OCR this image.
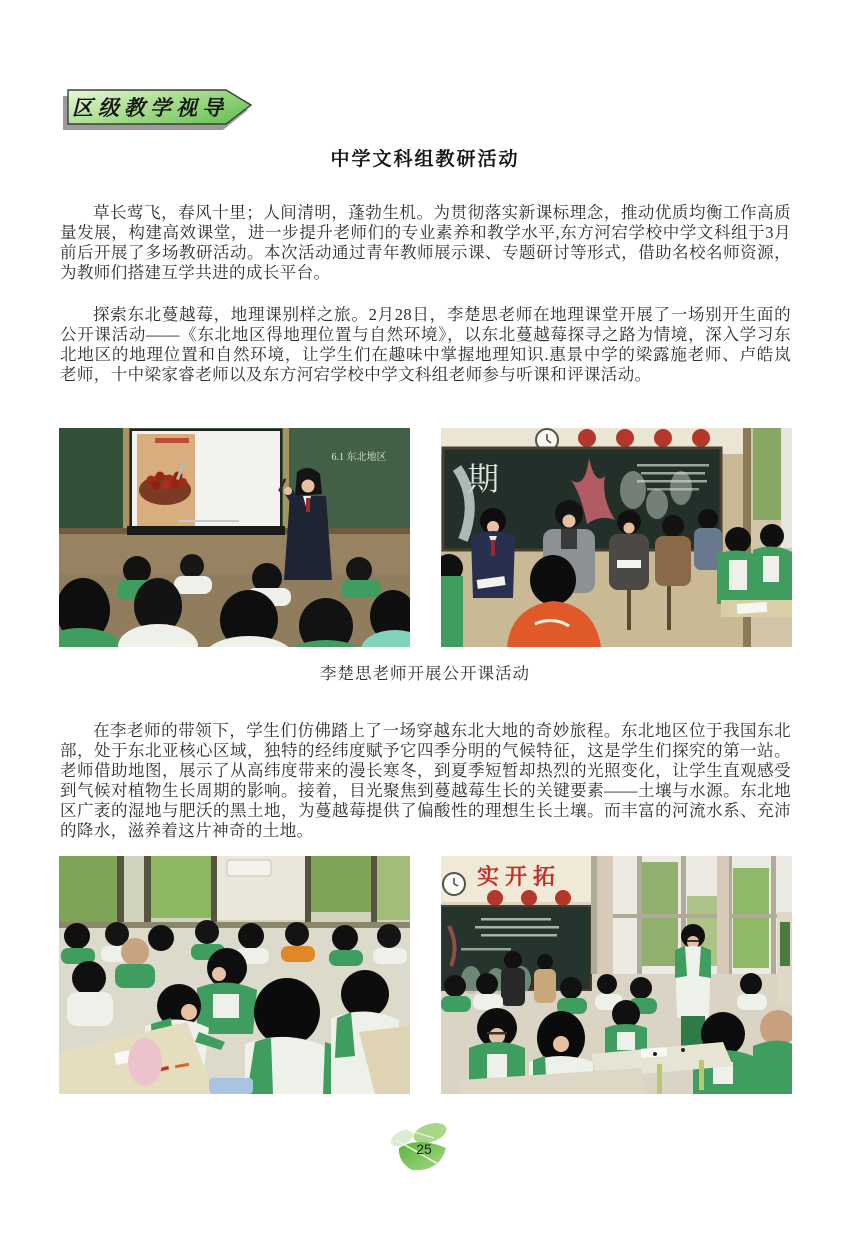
区级教学视导
中学文科组教研活动

草长莺飞，春风十里；人间清明，蓬勃生机。为贯彻落实新课标理念，推动优质均衡工作高质量发展，构建高效课堂，进一步提升老师们的专业素养和教学水平,东方河宕学校中学文科组于3月前后开展了多场教研活动。本次活动通过青年教师展示课、专题研讨等形式，借助名校名师资源，为教师们搭建互学共进的成长平台。

探索东北蔓越莓，地理课别样之旅。2月28日，李楚思老师在地理课堂开展了一场别开生面的公开课活动——《东北地区得地理位置与自然环境》，以东北蔓越莓探寻之路为情境，深入学习东北地区的地理位置和自然环境，让学生们在趣味中掌握地理知识.惠景中学的梁露施老师、卢皓岚老师，十中梁家睿老师以及东方河宕学校中学文科组老师参与听课和评课活动。

6.1 东北地区
期
李楚思老师开展公开课活动

在李老师的带领下，学生们仿佛踏上了一场穿越东北大地的奇妙旅程。东北地区位于我国东北部，处于东北亚核心区域，独特的经纬度赋予它四季分明的气候特征，这是学生们探究的第一站。老师借助地图，展示了从高纬度带来的漫长寒冬，到夏季短暂却热烈的光照变化，让学生直观感受到气候对植物生长周期的影响。接着，目光聚焦到蔓越莓生长的关键要素——土壤与水源。东北地区广袤的湿地与肥沃的黑土地，为蔓越莓提供了偏酸性的理想生长土壤。而丰富的河流水系、充沛的降水，滋养着这片神奇的土地。

实开拓
25
